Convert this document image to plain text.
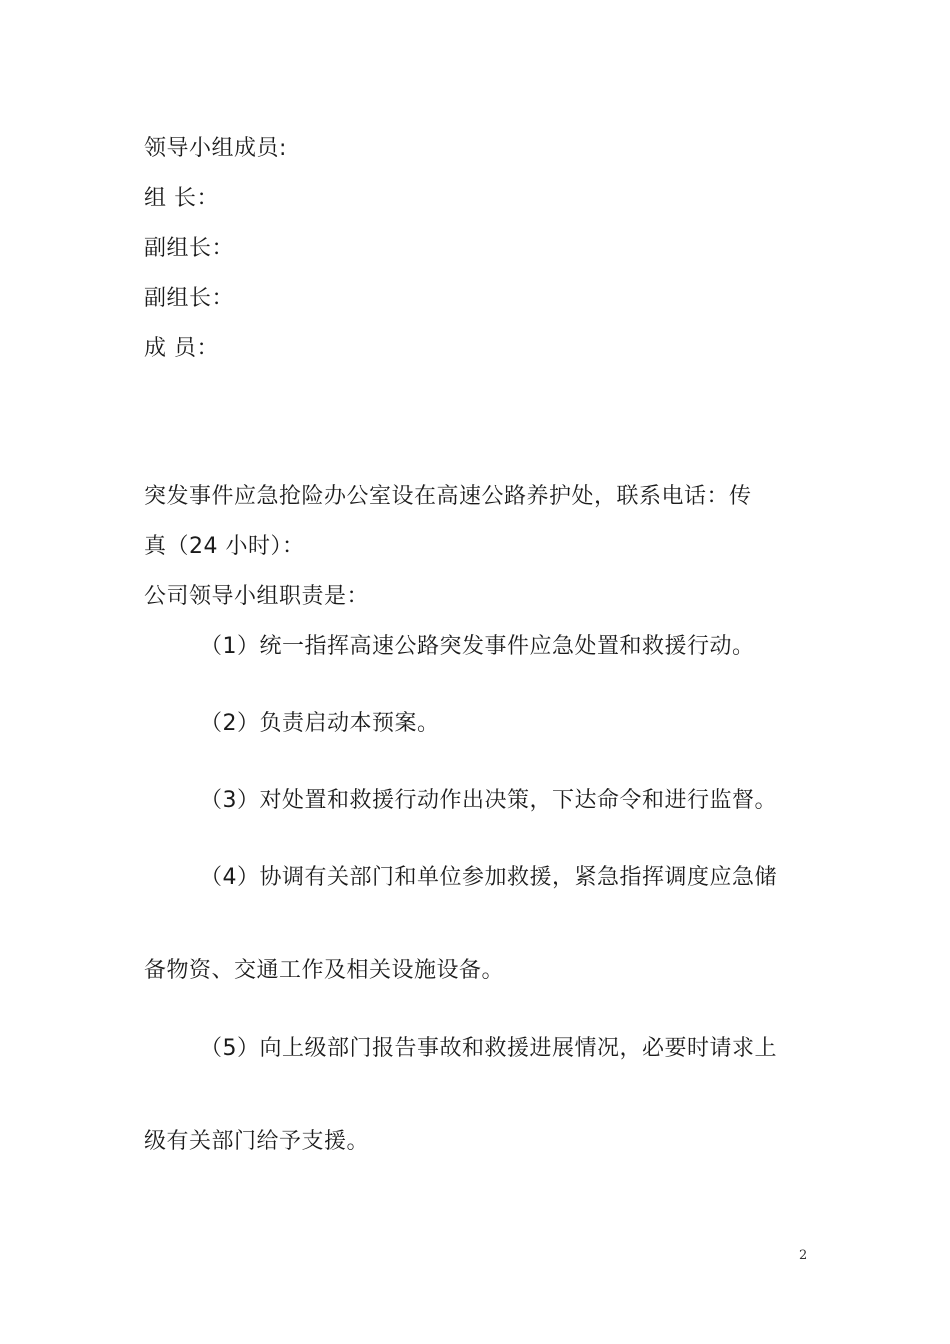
领导小组成员:
组 长：
副组长：
副组长：
成 员：
突发事件应急抢险办公室设在高速公路养护处，联系电话：传
真（24 小时）：
公司领导小组职责是：
（1）统一指挥高速公路突发事件应急处置和救援行动。
（2）负责启动本预案。
（3）对处置和救援行动作出决策，下达命令和进行监督。
（4）协调有关部门和单位参加救援，紧急指挥调度应急储
备物资、交通工作及相关设施设备。
（5）向上级部门报告事故和救援进展情况，必要时请求上
级有关部门给予支援。
2
